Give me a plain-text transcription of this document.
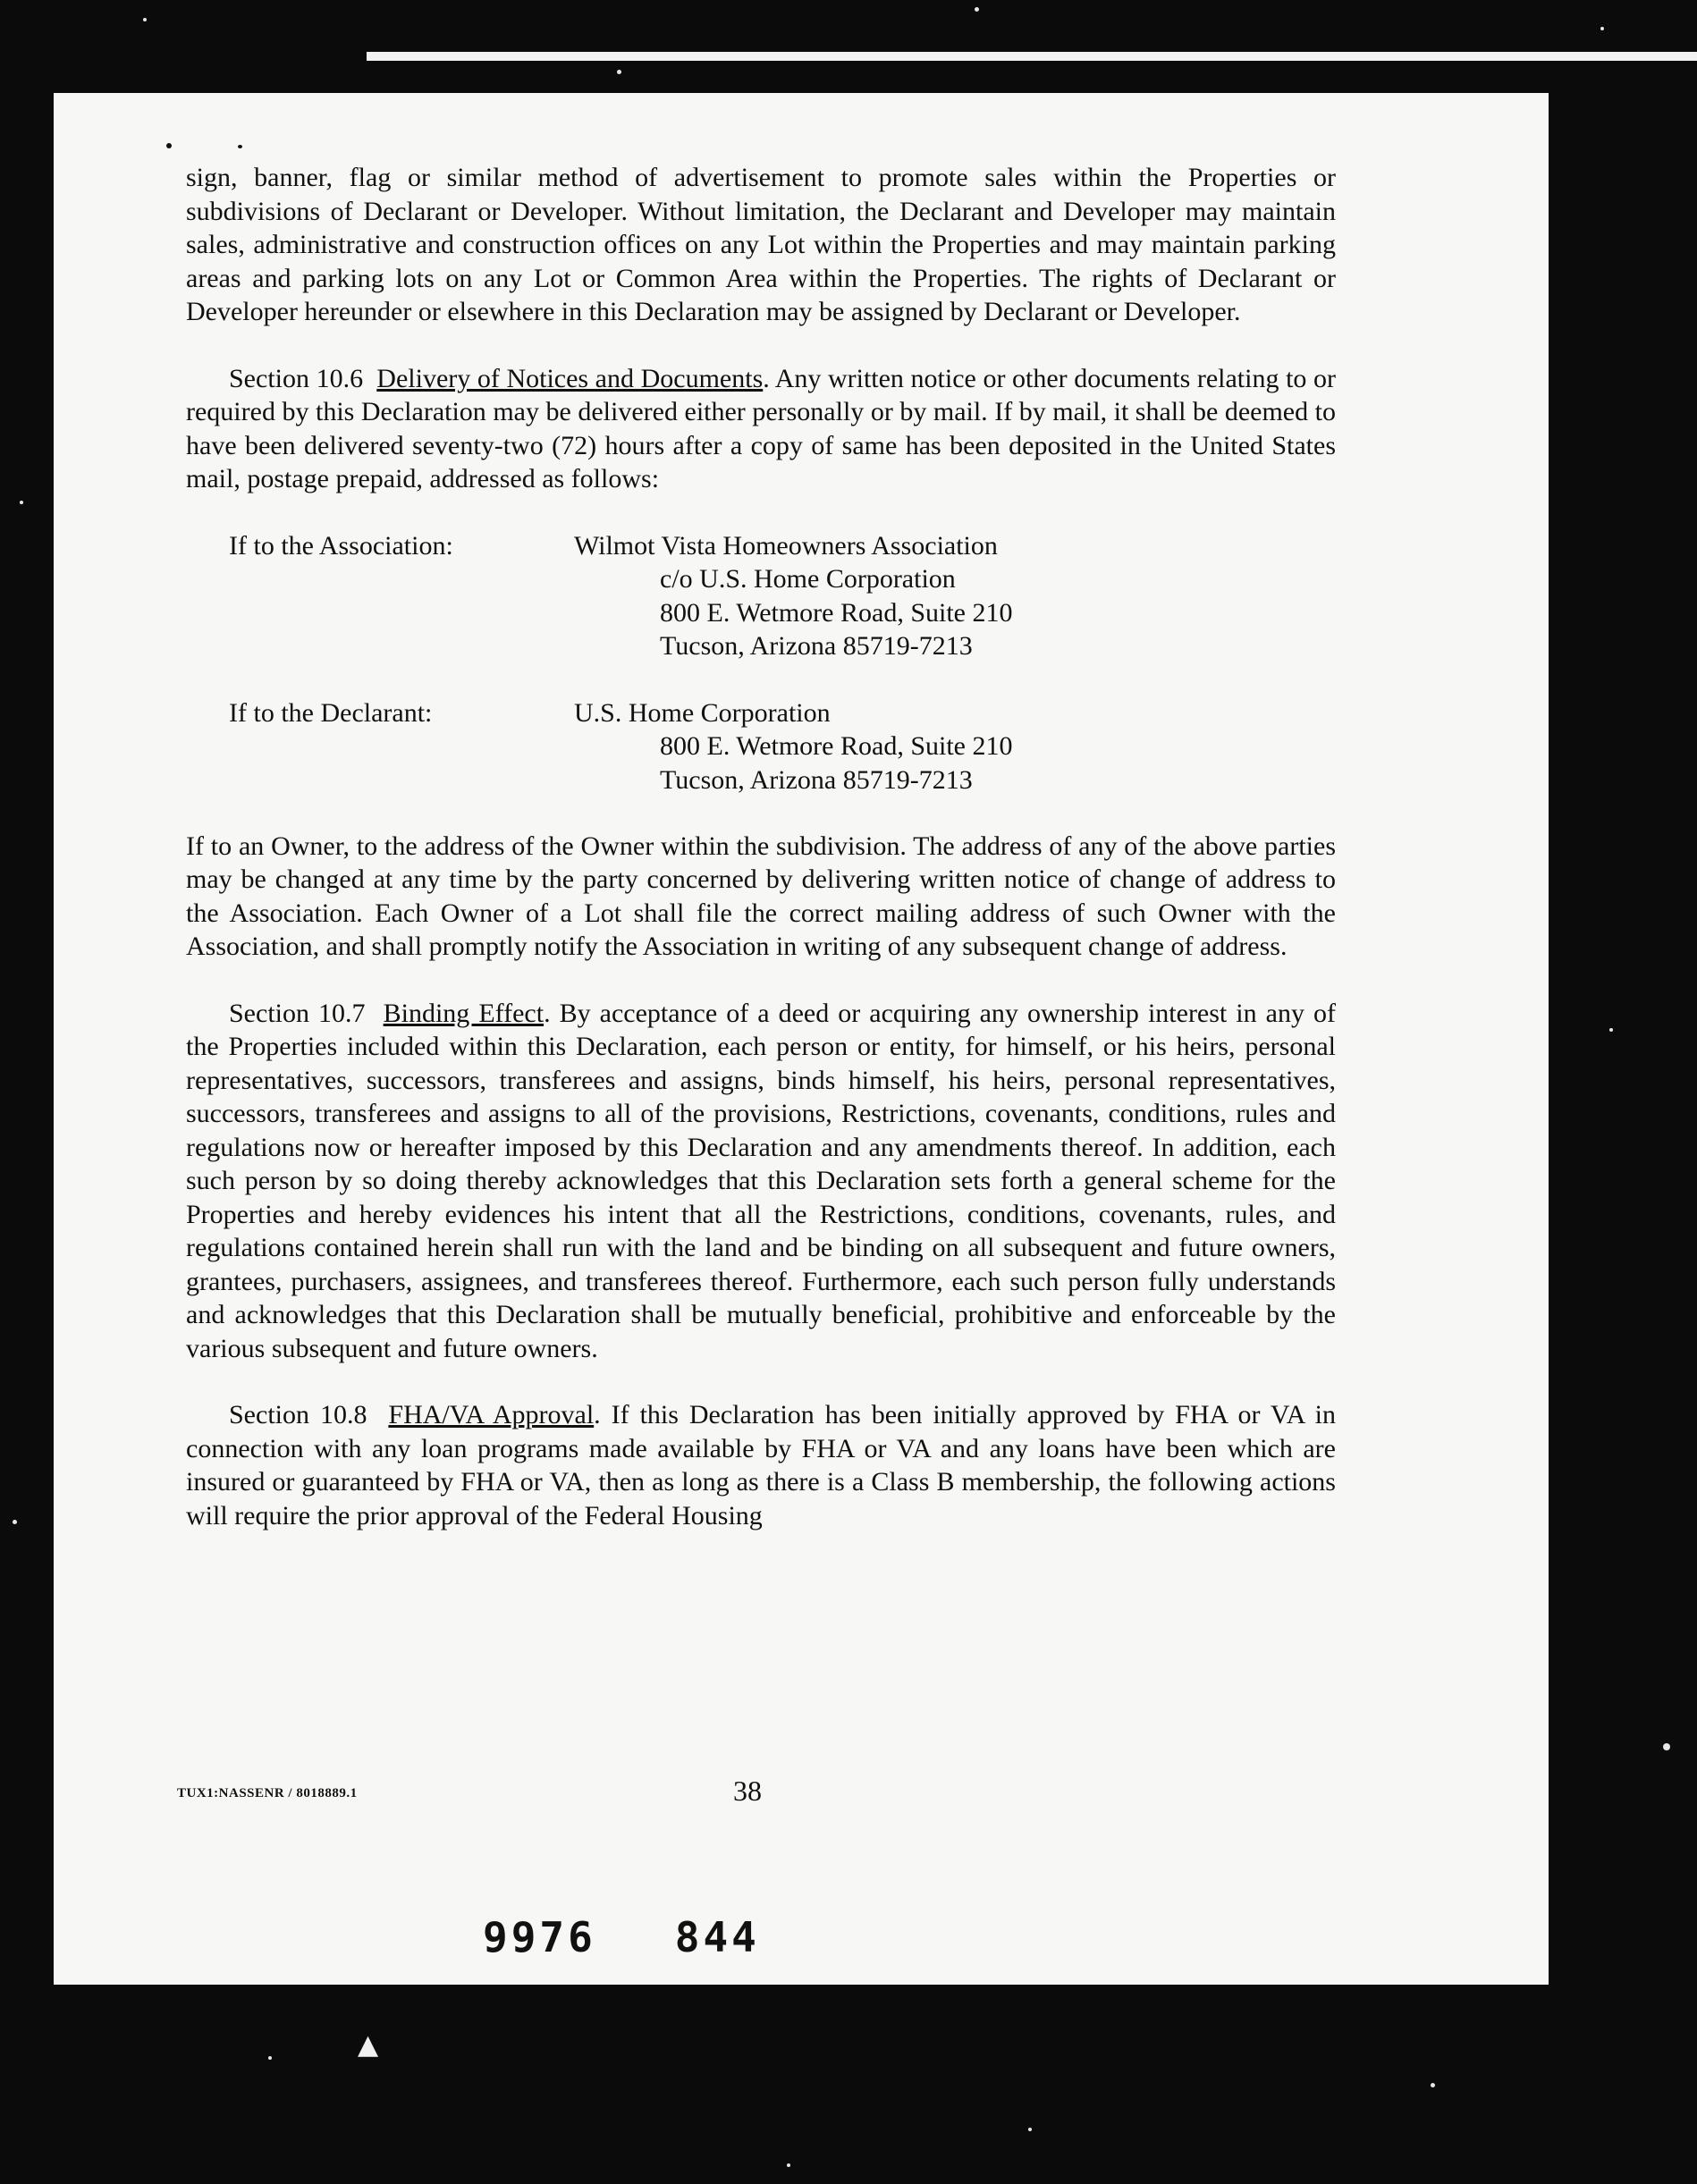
▲

sign, banner, flag or similar method of advertisement to promote sales within the Properties or subdivisions of Declarant or Developer. Without limitation, the Declarant and Developer may maintain sales, administrative and construction offices on any Lot within the Properties and may maintain parking areas and parking lots on any Lot or Common Area within the Properties. The rights of Declarant or Developer hereunder or elsewhere in this Declaration may be assigned by Declarant or Developer.

Section 10.6 Delivery of Notices and Documents. Any written notice or other documents relating to or required by this Declaration may be delivered either personally or by mail. If by mail, it shall be deemed to have been delivered seventy-two (72) hours after a copy of same has been deposited in the United States mail, postage prepaid, addressed as follows:

If to the Association:	Wilmot Vista Homeowners Association
c/o U.S. Home Corporation
800 E. Wetmore Road, Suite 210
Tucson, Arizona 85719-7213
If to the Declarant:	U.S. Home Corporation
800 E. Wetmore Road, Suite 210
Tucson, Arizona 85719-7213

If to an Owner, to the address of the Owner within the subdivision. The address of any of the above parties may be changed at any time by the party concerned by delivering written notice of change of address to the Association. Each Owner of a Lot shall file the correct mailing address of such Owner with the Association, and shall promptly notify the Association in writing of any subsequent change of address.

Section 10.7 Binding Effect. By acceptance of a deed or acquiring any ownership interest in any of the Properties included within this Declaration, each person or entity, for himself, or his heirs, personal representatives, successors, transferees and assigns, binds himself, his heirs, personal representatives, successors, transferees and assigns to all of the provisions, Restrictions, covenants, conditions, rules and regulations now or hereafter imposed by this Declaration and any amendments thereof. In addition, each such person by so doing thereby acknowledges that this Declaration sets forth a general scheme for the Properties and hereby evidences his intent that all the Restrictions, conditions, covenants, rules, and regulations contained herein shall run with the land and be binding on all subsequent and future owners, grantees, purchasers, assignees, and transferees thereof. Furthermore, each such person fully understands and acknowledges that this Declaration shall be mutually beneficial, prohibitive and enforceable by the various subsequent and future owners.

Section 10.8 FHA/VA Approval. If this Declaration has been initially approved by FHA or VA in connection with any loan programs made available by FHA or VA and any loans have been which are insured or guaranteed by FHA or VA, then as long as there is a Class B membership, the following actions will require the prior approval of the Federal Housing

TUX1:NASSENR / 8018889.1	38
9976 844
